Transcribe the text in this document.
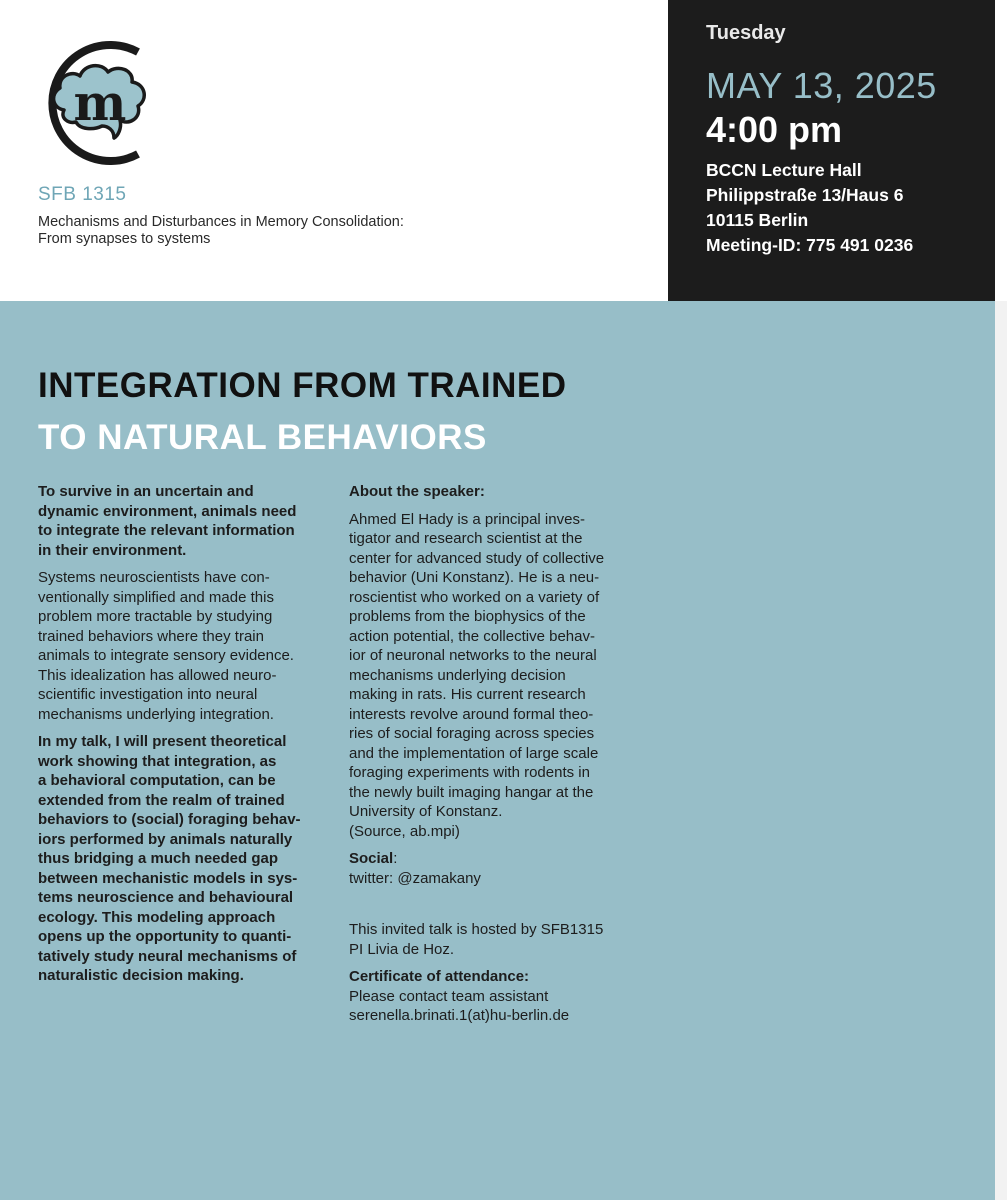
m
SFB 1315
Mechanisms and Disturbances in Memory Consolidation:
From synapses to systems
Tuesday
MAY 13, 2025
4:00 pm
BCCN Lecture Hall
Philippstraße 13/Haus 6
10115 Berlin
Meeting-ID: 775 491 0236
INTEGRATION FROM TRAINED
TO NATURAL BEHAVIORS
To survive in an uncertain and
dynamic environment, animals need
to integrate the relevant information
in their environment.
Systems neuroscientists have con-
ventionally simplified and made this
problem more tractable by studying
trained behaviors where they train
animals to integrate sensory evidence.
This idealization has allowed neuro-
scientific investigation into neural
mechanisms underlying integration.
In my talk, I will present theoretical
work showing that integration, as
a behavioral computation, can be
extended from the realm of trained
behaviors to (social) foraging behav-
iors performed by animals naturally
thus bridging a much needed gap
between mechanistic models in sys-
tems neuroscience and behavioural
ecology. This modeling approach
opens up the opportunity to quanti-
tatively study neural mechanisms of
naturalistic decision making.
About the speaker:
Ahmed El Hady is a principal inves-
tigator and research scientist at the
center for advanced study of collective
behavior (Uni Konstanz). He is a neu-
roscientist who worked on a variety of
problems from the biophysics of the
action potential, the collective behav-
ior of neuronal networks to the neural
mechanisms underlying decision
making in rats. His current research
interests revolve around formal theo-
ries of social foraging across species
and the implementation of large scale
foraging experiments with rodents in
the newly built imaging hangar at the
University of Konstanz.
(Source, ab.mpi)
Social:
twitter: @zamakany
This invited talk is hosted by SFB1315
PI Livia de Hoz.
Certificate of attendance:
Please contact team assistant
serenella.brinati.1(at)hu-berlin.de
